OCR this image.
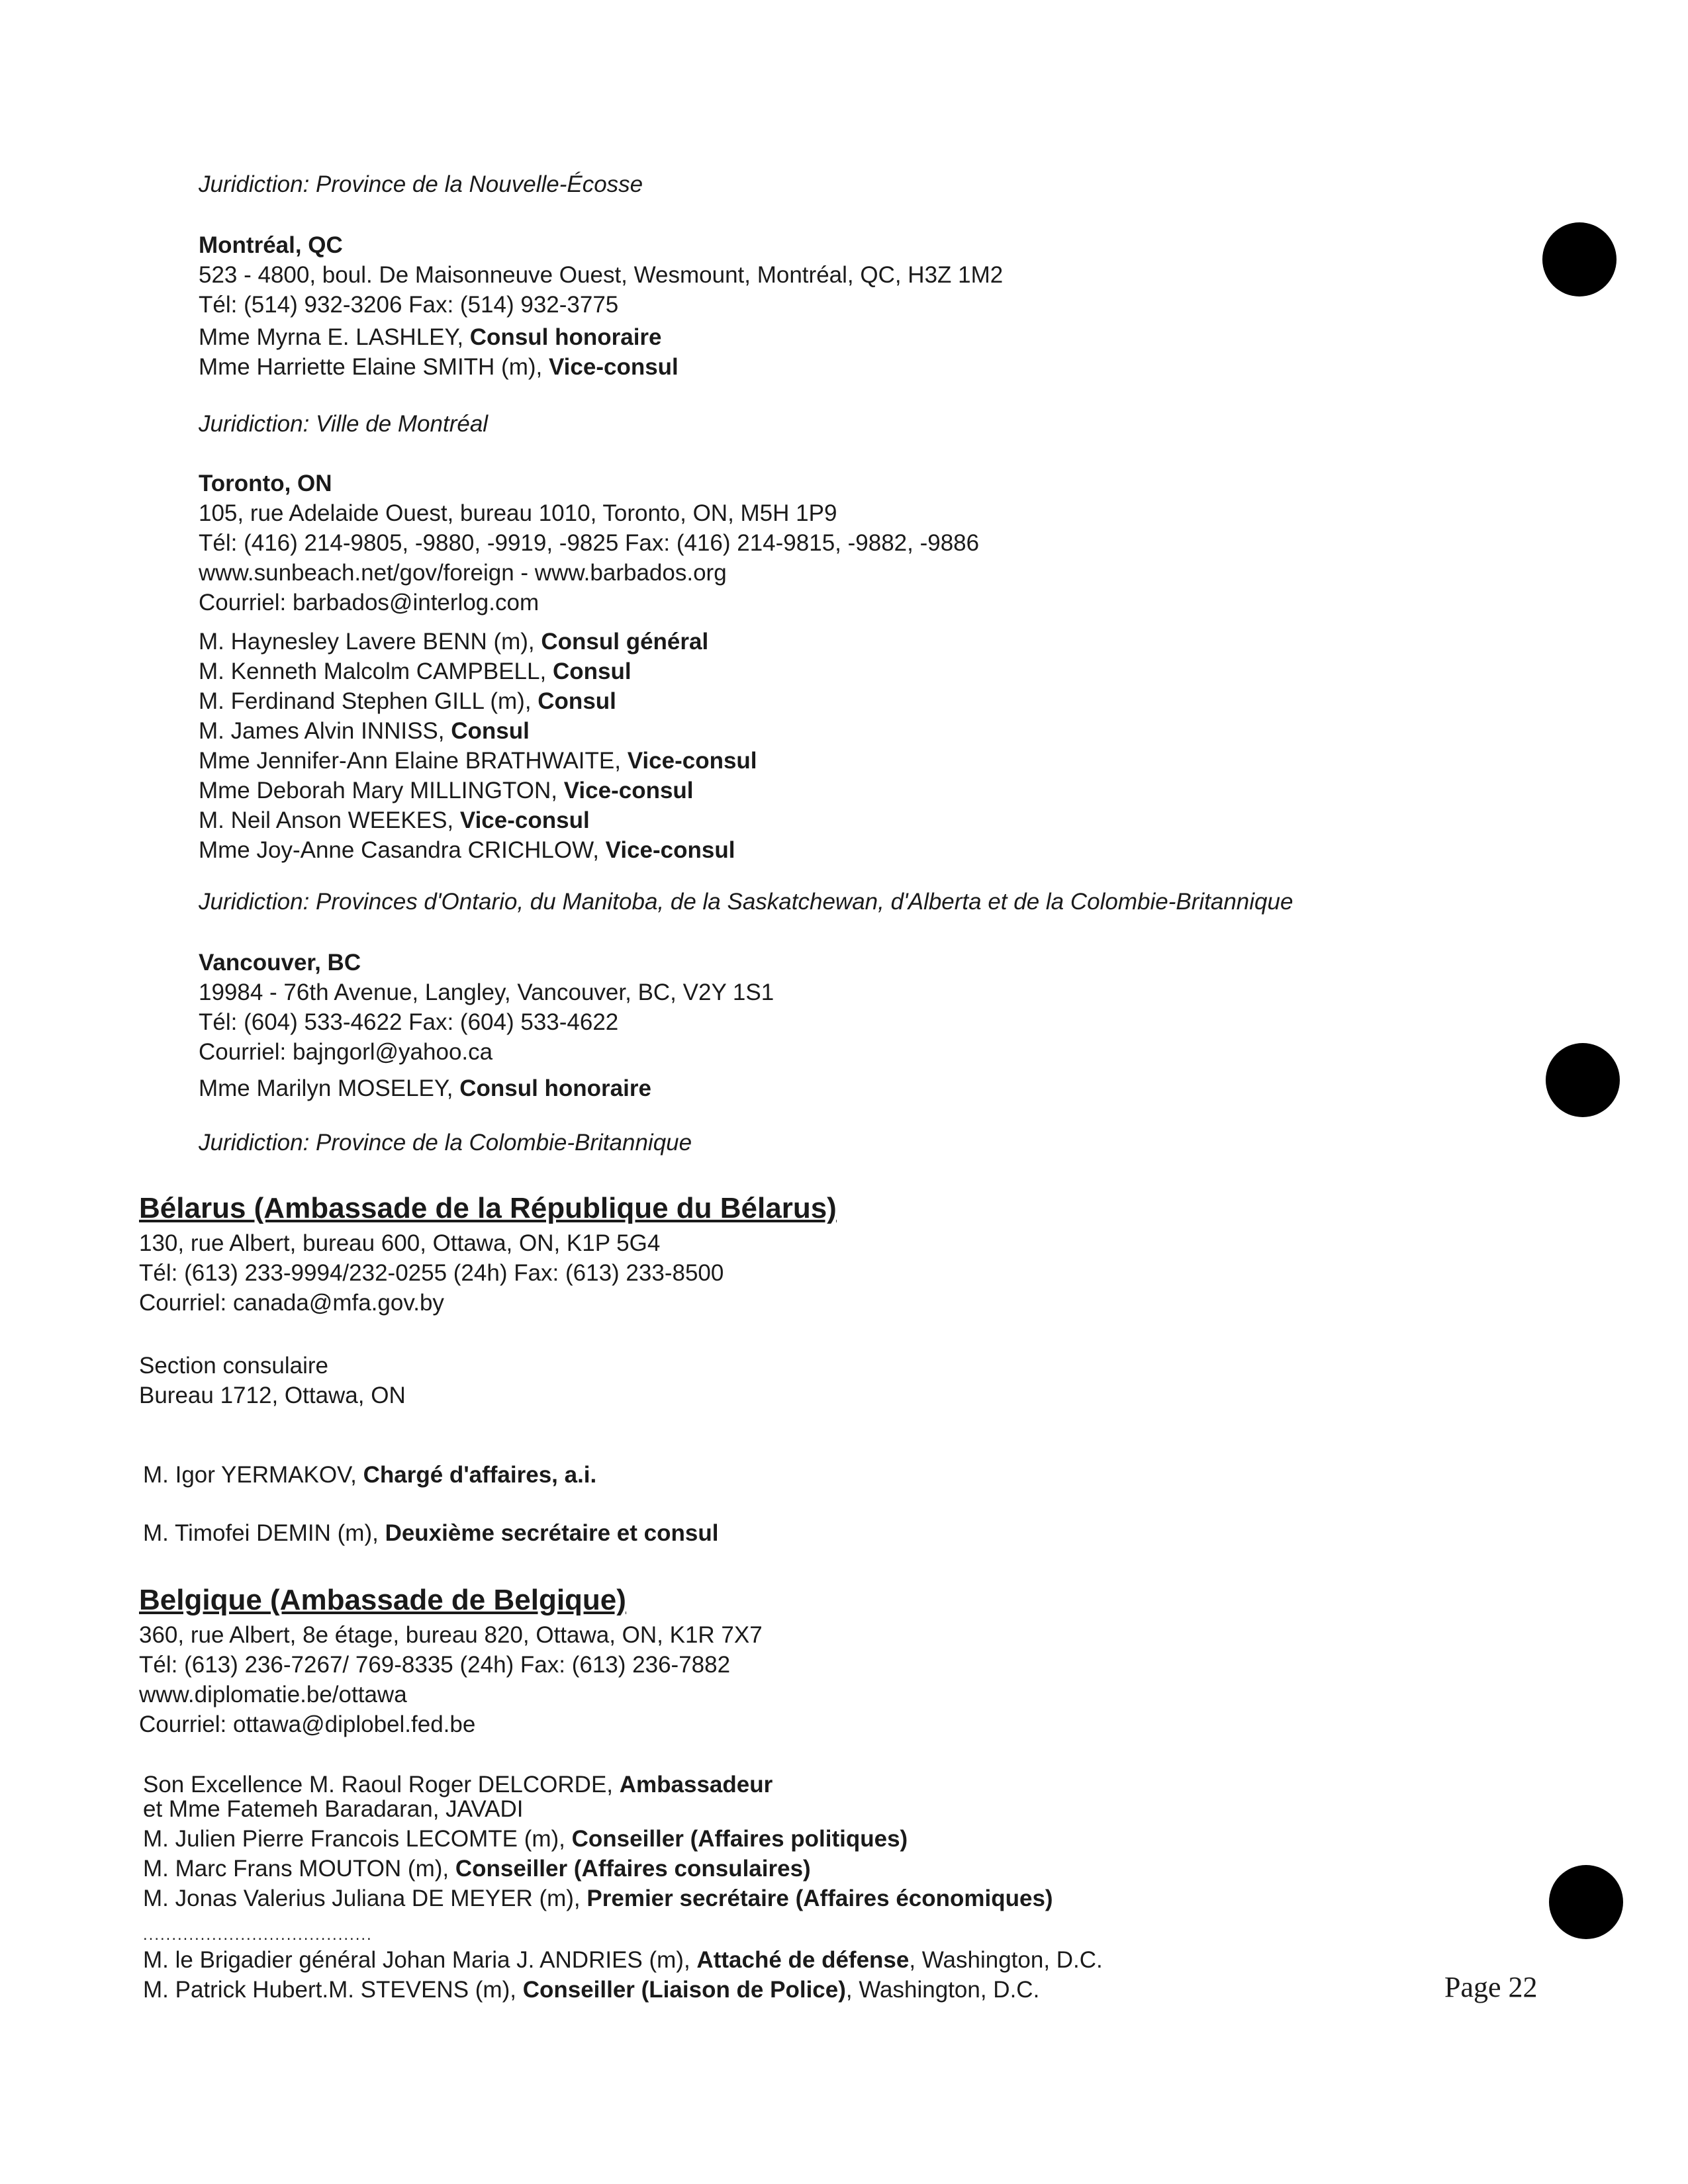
Juridiction: Province de la Nouvelle-Écosse
Montréal, QC
523 - 4800, boul. De Maisonneuve Ouest, Wesmount, Montréal, QC, H3Z 1M2
Tél: (514) 932-3206 Fax: (514) 932-3775
Mme Myrna E. LASHLEY, Consul honoraire
Mme Harriette Elaine SMITH (m), Vice-consul
Juridiction: Ville de Montréal
Toronto, ON
105, rue Adelaide Ouest, bureau 1010, Toronto, ON, M5H 1P9
Tél: (416) 214-9805, -9880, -9919, -9825 Fax: (416) 214-9815, -9882, -9886
www.sunbeach.net/gov/foreign - www.barbados.org
Courriel: barbados@interlog.com
M. Haynesley Lavere BENN (m), Consul général
M. Kenneth Malcolm CAMPBELL, Consul
M. Ferdinand Stephen GILL (m), Consul
M. James Alvin INNISS, Consul
Mme Jennifer-Ann Elaine BRATHWAITE, Vice-consul
Mme Deborah Mary MILLINGTON, Vice-consul
M. Neil Anson WEEKES, Vice-consul
Mme Joy-Anne Casandra CRICHLOW, Vice-consul
Juridiction: Provinces d'Ontario, du Manitoba, de la Saskatchewan, d'Alberta et de la Colombie-Britannique
Vancouver, BC
19984 - 76th Avenue, Langley, Vancouver, BC, V2Y 1S1
Tél: (604) 533-4622 Fax: (604) 533-4622
Courriel: bajngorl@yahoo.ca
Mme Marilyn MOSELEY, Consul honoraire
Juridiction: Province de la Colombie-Britannique
Bélarus (Ambassade de la République du Bélarus)
130, rue Albert, bureau 600, Ottawa, ON, K1P 5G4
Tél: (613) 233-9994/232-0255 (24h) Fax: (613) 233-8500
Courriel: canada@mfa.gov.by
Section consulaire
Bureau 1712, Ottawa, ON
M. Igor YERMAKOV, Chargé d'affaires, a.i.
M. Timofei DEMIN (m), Deuxième secrétaire et consul
Belgique (Ambassade de Belgique)
360, rue Albert, 8e étage, bureau 820, Ottawa, ON, K1R 7X7
Tél: (613) 236-7267/ 769-8335 (24h) Fax: (613) 236-7882
www.diplomatie.be/ottawa
Courriel: ottawa@diplobel.fed.be
Son Excellence M. Raoul Roger DELCORDE, Ambassadeur
et Mme Fatemeh Baradaran, JAVADI
M. Julien Pierre Francois LECOMTE (m), Conseiller (Affaires politiques)
M. Marc Frans MOUTON (m), Conseiller (Affaires consulaires)
M. Jonas Valerius Juliana DE MEYER (m), Premier secrétaire (Affaires économiques)
........................................
M. le Brigadier général Johan Maria J. ANDRIES (m), Attaché de défense, Washington, D.C.
M. Patrick Hubert.M. STEVENS (m), Conseiller (Liaison de Police), Washington, D.C.	Page 22
